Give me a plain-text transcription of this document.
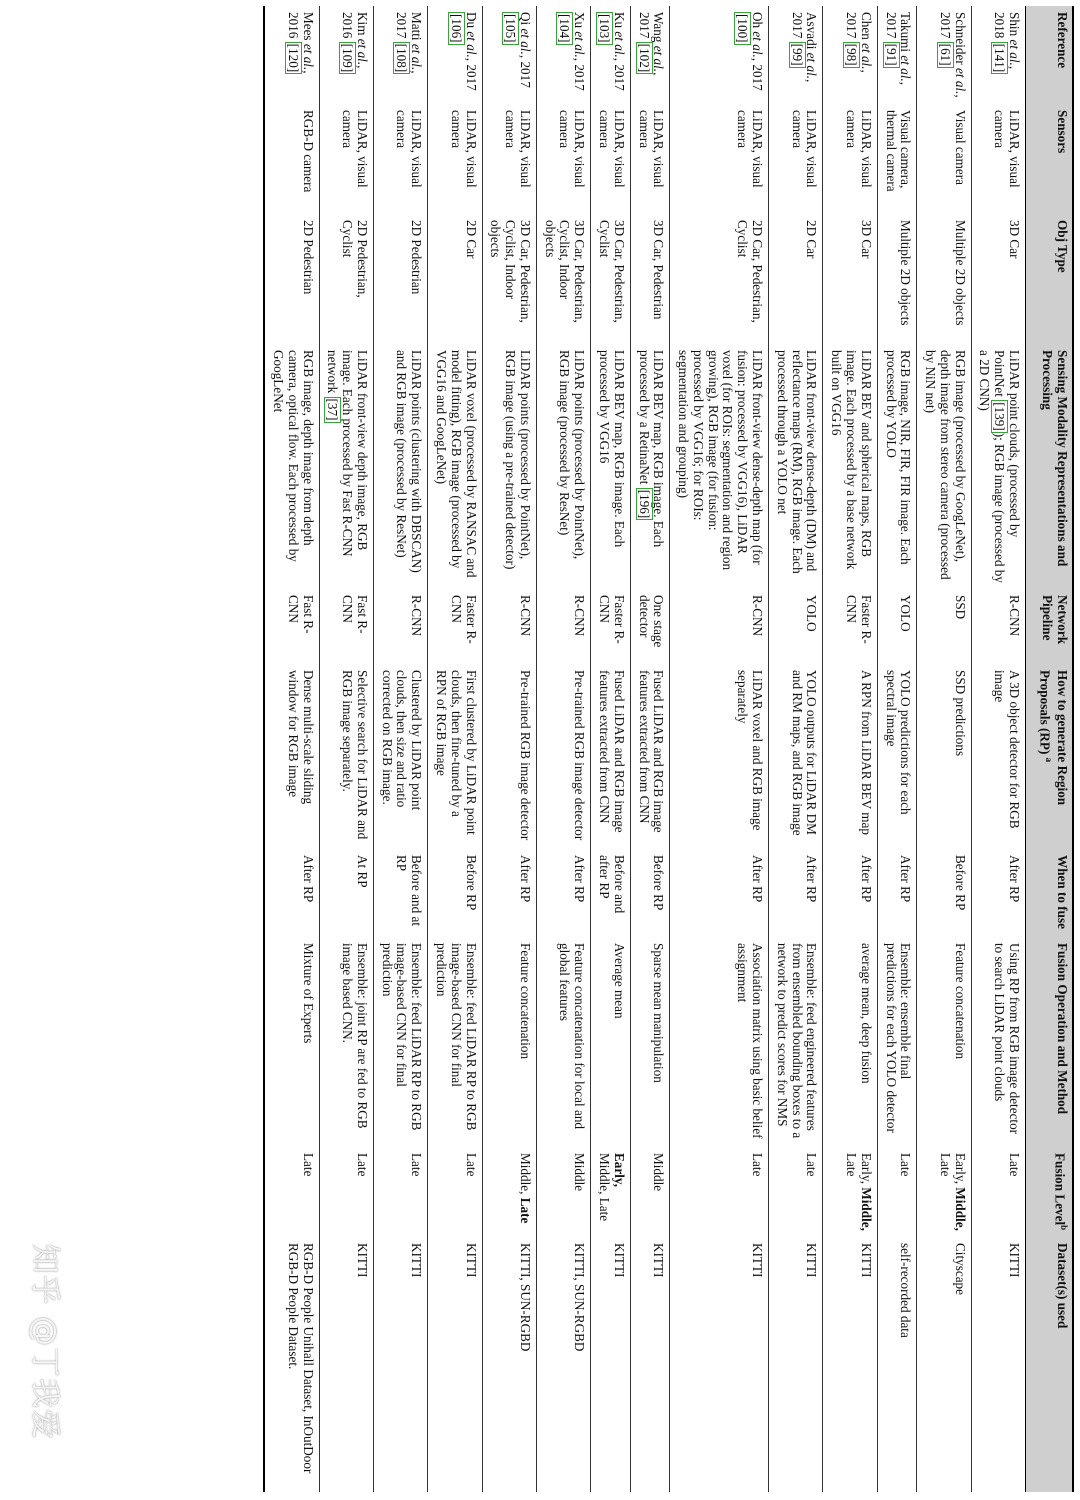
Reference	Sensors	Obj Type	Sensing Modality Representations and Processing	Network Pipeline	How to generate Region Proposals (RP) $^a$	When to fuse	Fusion Operation and Method	Fusion Level$^b$	Dataset(s) used
Shin et al., 2018 [141]	LiDAR, visual camera	3D Car	LiDAR point clouds, (processed by PointNet [139]); RGB image (processed by a 2D CNN)	R-CNN	A 3D object detector for RGB image	After RP	Using RP from RGB image detector to search LiDAR point clouds	Late	KITTI
Schneider et al., 2017 [61]	Visual camera	Multiple 2D objects	RGB image (processed by GoogLeNet), depth image from stereo camera (processed by NiN net)	SSD	SSD predictions	Before RP	Feature concatenation	Early, Middle, Late	Cityscape
Takumi et al., 2017 [91]	Visual camera, thermal camera	Multiple 2D objects	RGB image, NIR, FIR, FIR image. Each processed by YOLO	YOLO	YOLO predictions for each spectral image	After RP	Ensemble: ensemble final predictions for each YOLO detector	Late	self-recorded data
Chen et al., 2017 [98]	LiDAR, visual camera	3D Car	LiDAR BEV and spherical maps, RGB image. Each processed by a base network built on VGG16	Faster R-CNN	A RPN from LiDAR BEV map	After RP	average mean, deep fusion	Early, Middle, Late	KITTI
Asvadi et al., 2017 [99]	LiDAR, visual camera	2D Car	LiDAR front-view dense-depth (DM) and reflectance maps (RM), RGB image. Each processed through a YOLO net	YOLO	YOLO outputs for LiDAR DM and RM maps, and RGB image	After RP	Ensemble: feed engineered features from ensembled bounding boxes to a network to predict scores for NMS	Late	KITTI
Oh et al., 2017 [100]	LiDAR, visual camera	2D Car, Pedestrian, Cyclist	LiDAR front-view dense-depth map (for fusion: processed by VGG16), LiDAR voxel (for ROIs: segmentation and region growing), RGB image (for fusion: processed by VGG16; for ROIs: segmentation and grouping)	R-CNN	LiDAR voxel and RGB image separately	After RP	Association matrix using basic belief assignment	Late	KITTI
Wang et al., 2017 [102]	LiDAR, visual camera	3D Car, Pedestrian	LiDAR BEV map, RGB image. Each processed by a RetinaNet [196]	One stage detector	Fused LiDAR and RGB image features extracted from CNN	Before RP	Sparse mean manipulation	Middle	KITTI
Ku et al., 2017 [103]	LiDAR, visual camera	3D Car, Pedestrian, Cyclist	LiDAR BEV map, RGB image. Each processed by VGG16	Faster R-CNN	Fused LiDAR and RGB image features extracted from CNN	Before and after RP	Average mean	Early, Middle, Late	KITTI
Xu et al., 2017 [104]	LiDAR, visual camera	3D Car, Pedestrian, Cyclist, Indoor objects	LiDAR points (processed by PointNet), RGB image (processed by ResNet)	R-CNN	Pre-trained RGB image detector	After RP	Feature concatenation for local and global features	Middle	KITTI, SUN-RGBD
Qi et al., 2017 [105]	LiDAR, visual camera	3D Car, Pedestrian, Cyclist, Indoor objects	LiDAR points (processed by PointNet), RGB image (using a pre-trained detector)	R-CNN	Pre-trained RGB image detector	After RP	Feature concatenation	Middle, Late	KITTI, SUN-RGBD
Du et al., 2017 [106]	LiDAR, visual camera	2D Car	LiDAR voxel (processed by RANSAC and model fitting), RGB image (processed by VGG16 and GoogLeNet)	Faster R-CNN	First clustered by LiDAR point clouds, then fine-tuned by a RPN of RGB image	Before RP	Ensemble: feed LiDAR RP to RGB image-based CNN for final prediction	Late	KITTI
Matti et al., 2017 [108]	LiDAR, visual camera	2D Pedestrian	LiDAR points (clustering with DBSCAN) and RGB image (processed by ResNet)	R-CNN	Clustered by LiDAR point clouds, then size and ratio corrected on RGB image.	Before and at RP	Ensemble: feed LiDAR RP to RGB image-based CNN for final prediction	Late	KITTI
Kim et al., 2016 [109]	LiDAR, visual camera	2D Pedestrian, Cyclist	LiDAR front-view depth image, RGB image. Each processed by Fast R-CNN network [37]	Fast R-CNN	Selective search for LiDAR and RGB image separately.	At RP	Ensemble: joint RP are fed to RGB image based CNN.	Late	KITTI
Mees et al., 2016 [120]	RGB-D camera	2D Pedestrian	RGB image, depth image from depth camera, optical flow. Each processed by GoogLeNet	Fast R-CNN	Dense multi-scale sliding window for RGB image	After RP	Mixture of Experts	Late	RGB-D People Unihall Dataset, InOutDoor RGB-D People Dataset.
知乎 @丁我爱
